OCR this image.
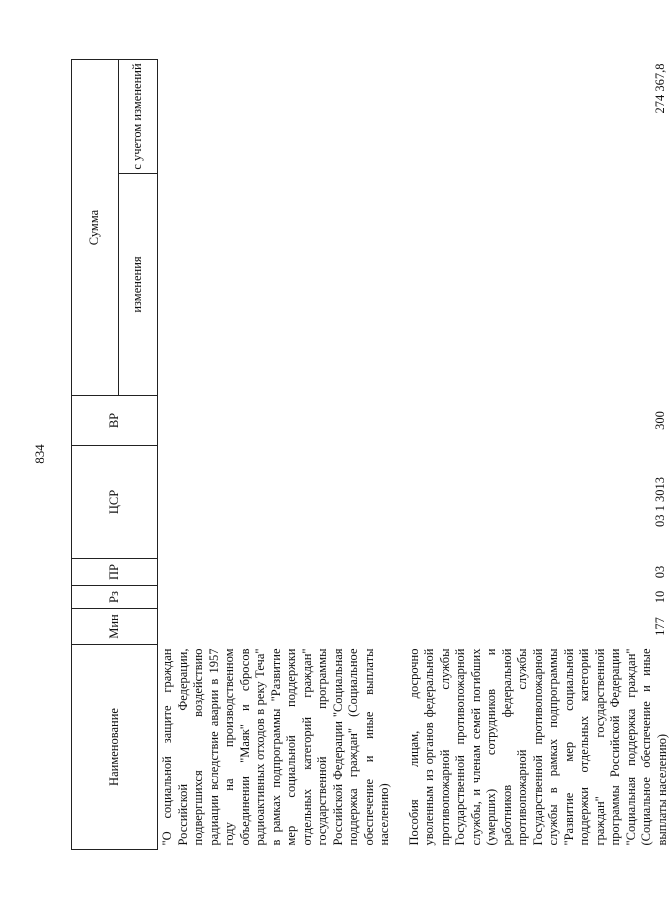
834
Наименование	Мин	Рз	ПР	ЦСР	ВР	Сумма	
						изменения	с учетом изменений
"О социальной защите граждан Российской Федерации, подвергшихся воздействию радиации вследствие аварии в 1957 году на производственном объединении "Маяк" и сбросов радиоактивных отходов в реку Теча" в рамках подпрограммы "Развитие мер социальной поддержки отдельных категорий граждан" государственной программы Российской Федерации "Социальная поддержка граждан" (Социальное обеспечение и иные выплаты населению)							
Пособия лицам, досрочно уволенным из органов федеральной противопожарной службы Государственной противопожарной службы, и членам семей погибших (умерших) сотрудников и работников федеральной противопожарной службы Государственной противопожарной службы в рамках подпрограммы "Развитие мер социальной поддержки отдельных категорий граждан" государственной программы Российской Федерации "Социальная поддержка граждан" (Социальное обеспечение и иные выплаты населению)	177	10	03	03 1 3013	300		274 367,8
